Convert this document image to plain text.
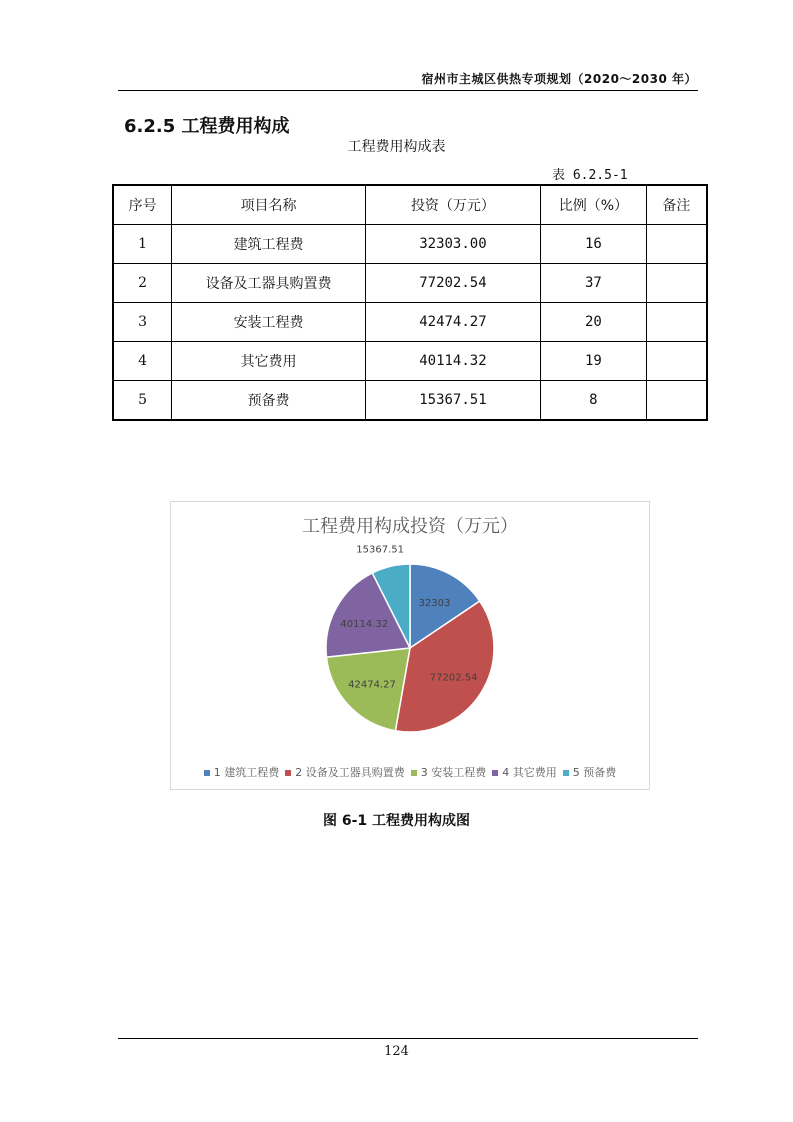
宿州市主城区供热专项规划（2020～2030 年）
6.2.5 工程费用构成
工程费用构成表
表 6.2.5-1
序号	项目名称	投资（万元）	比例（%）	备注
1	建筑工程费	32303.00	16	
2	设备及工器具购置费	77202.54	37	
3	安装工程费	42474.27	20	
4	其它费用	40114.32	19	
5	预备费	15367.51	8	
工程费用构成投资（万元）
32303
77202.54
42474.27
40114.32
15367.51
1 建筑工程费 2 设备及工器具购置费 3 安装工程费 4 其它费用 5 预备费
图 6-1 工程费用构成图
124
